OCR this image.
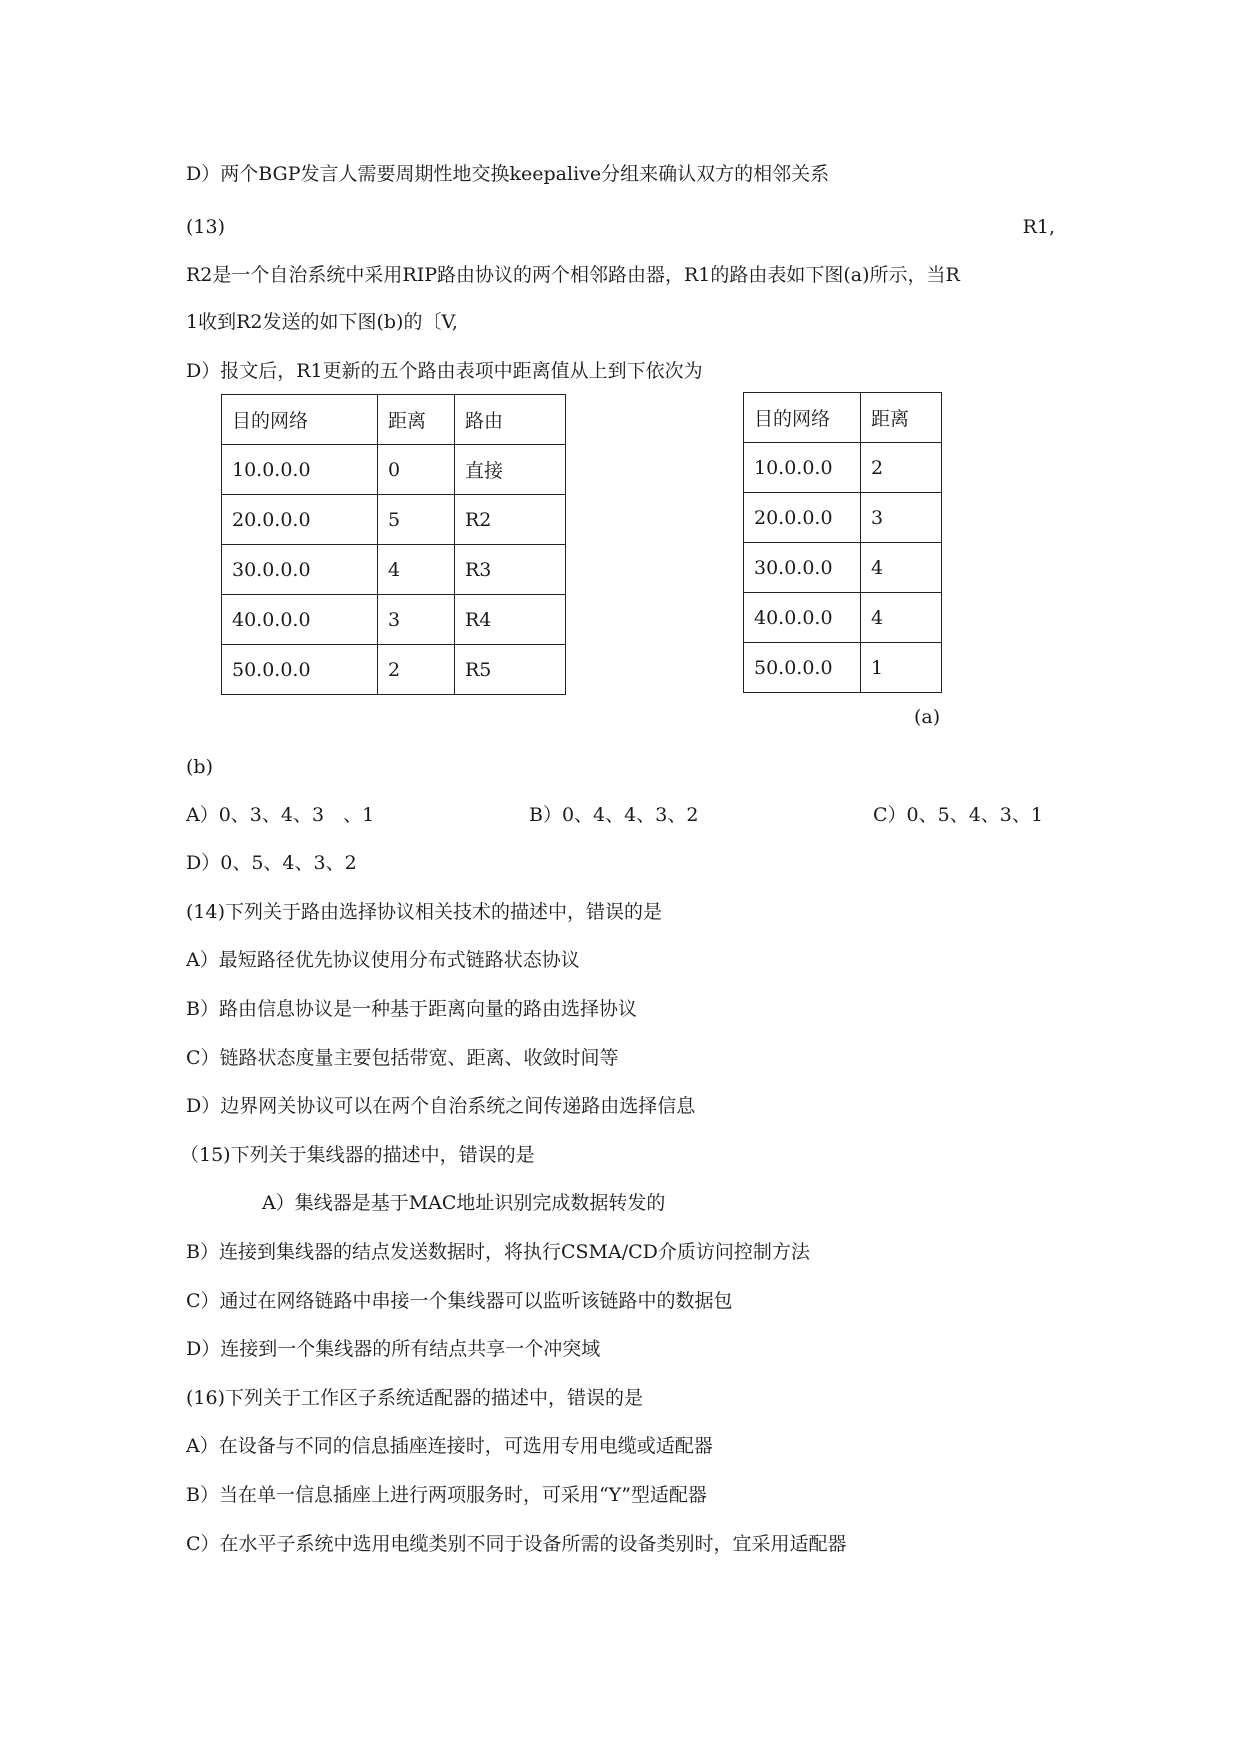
D）两个BGP发言人需要周期性地交换keepalive分组来确认双方的相邻关系
(13)	R1,
R2是一个自治系统中采用RIP路由协议的两个相邻路由器，R1的路由表如下图(a)所示，当R
1收到R2发送的如下图(b)的〔V,
D）报文后，R1更新的五个路由表项中距离值从上到下依次为
目的网络	距离	路由
10.0.0.0	0	直接
20.0.0.0	5	R2
30.0.0.0	4	R3
40.0.0.0	3	R4
50.0.0.0	2	R5
目的网络	距离
10.0.0.0	2
20.0.0.0	3
30.0.0.0	4
40.0.0.0	4
50.0.0.0	1
(a)
(b)
A）0、3、4、3　、1	B）0、4、4、3、2	C）0、5、4、3、1
D）0、5、4、3、2
(14)下列关于路由选择协议相关技术的描述中，错误的是
A）最短路径优先协议使用分布式链路状态协议
B）路由信息协议是一种基于距离向量的路由选择协议
C）链路状态度量主要包括带宽、距离、收敛时间等
D）边界网关协议可以在两个自治系统之间传递路由选择信息
（15)下列关于集线器的描述中，错误的是
A）集线器是基于MAC地址识别完成数据转发的
B）连接到集线器的结点发送数据时，将执行CSMA/CD介质访问控制方法
C）通过在网络链路中串接一个集线器可以监听该链路中的数据包
D）连接到一个集线器的所有结点共享一个冲突域
(16)下列关于工作区子系统适配器的描述中，错误的是
A）在设备与不同的信息插座连接时，可选用专用电缆或适配器
B）当在单一信息插座上进行两项服务时，可采用“Y”型适配器
C）在水平子系统中选用电缆类别不同于设备所需的设备类别时，宜采用适配器
